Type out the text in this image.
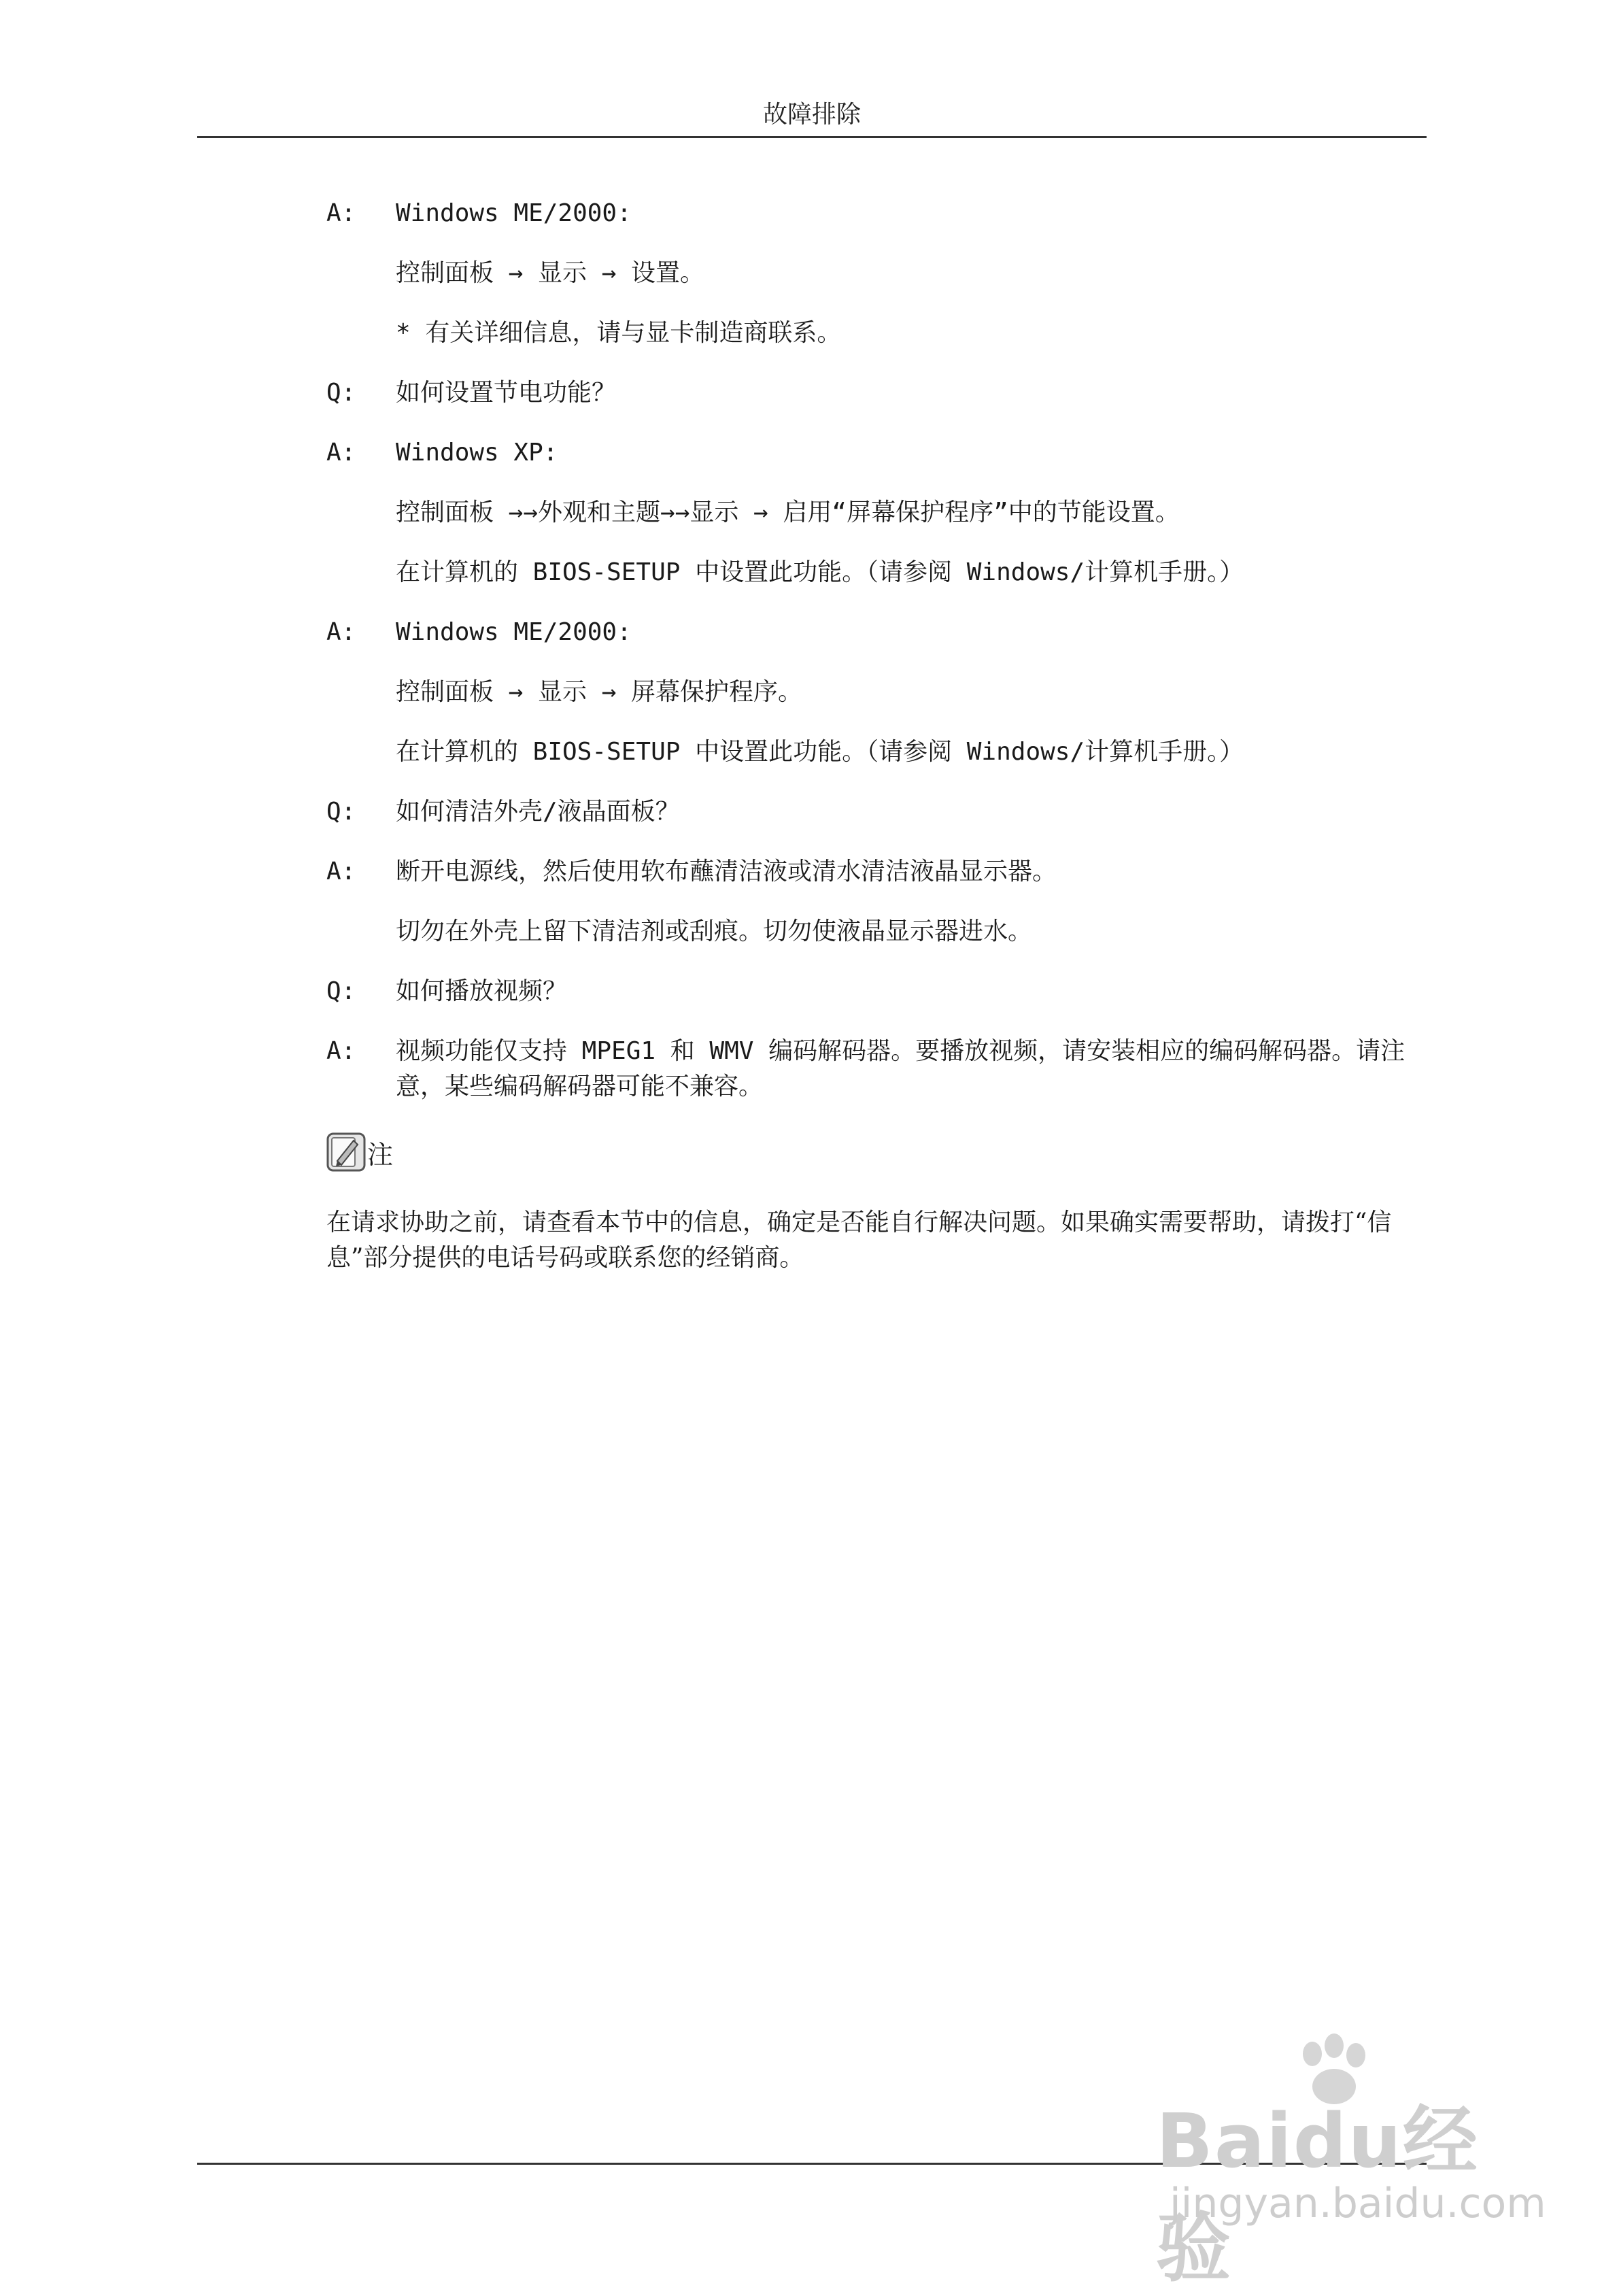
故障排除
A:	Windows ME/2000:
控制面板 → 显示 → 设置。
* 有关详细信息，请与显卡制造商联系。
Q:	如何设置节电功能？
A:	Windows XP:
控制面板 →→外观和主题→→显示 → 启用“屏幕保护程序”中的节能设置。
在计算机的 BIOS-SETUP 中设置此功能。（请参阅 Windows/计算机手册。）
A:	Windows ME/2000:
控制面板 → 显示 → 屏幕保护程序。
在计算机的 BIOS-SETUP 中设置此功能。（请参阅 Windows/计算机手册。）
Q:	如何清洁外壳/液晶面板？
A:	断开电源线，然后使用软布蘸清洁液或清水清洁液晶显示器。
切勿在外壳上留下清洁剂或刮痕。切勿使液晶显示器进水。
Q:	如何播放视频？
A:	视频功能仅支持 MPEG1 和 WMV 编码解码器。要播放视频，请安装相应的编码解码器。请注意，某些编码解码器可能不兼容。
注
在请求协助之前，请查看本节中的信息，确定是否能自行解决问题。如果确实需要帮助，请拨打“信息”部分提供的电话号码或联系您的经销商。
Baidu经验
jingyan.baidu.com
